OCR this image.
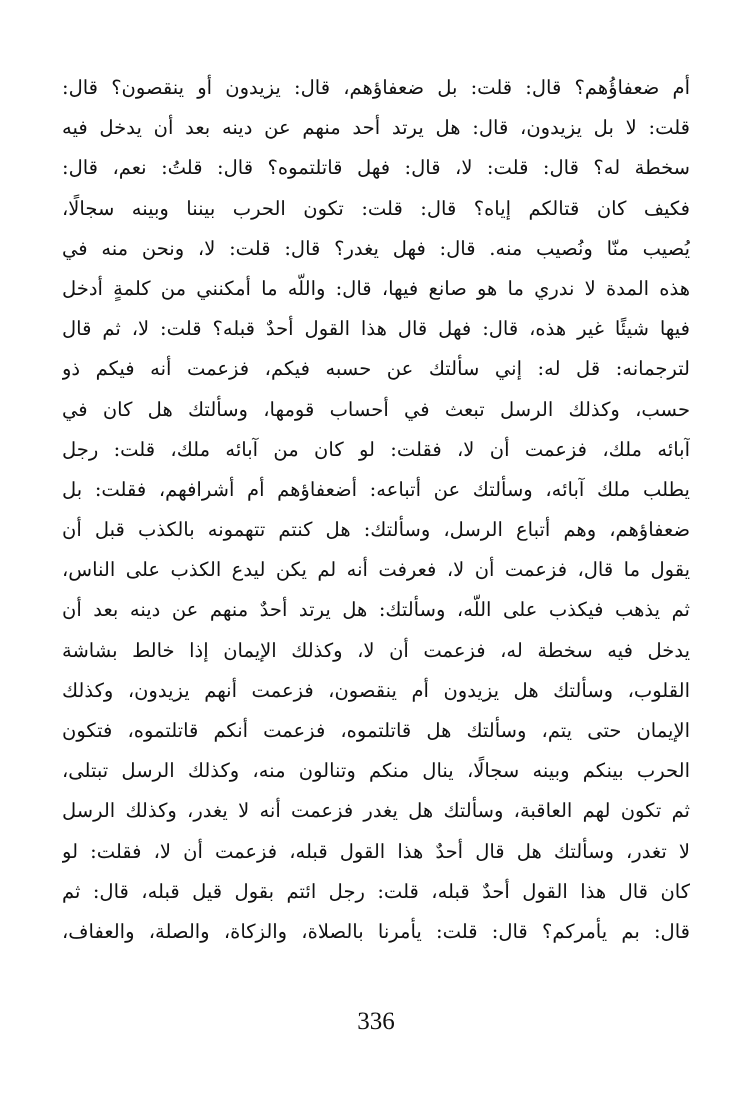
أم ضعفاؤُهم؟ قال: قلت: بل ضعفاؤهم، قال: يزيدون أو ينقصون؟ قال:
قلت: لا بل يزيدون، قال: هل يرتد أحد منهم عن دينه بعد أن يدخل فيه
سخطة له؟ قال: قلت: لا، قال: فهل قاتلتموه؟ قال: قلتُ: نعم، قال:
فكيف كان قتالكم إياه؟ قال: قلت: تكون الحرب بيننا وبينه سجالًا،
يُصيب منّا ونُصيب منه. قال: فهل يغدر؟ قال: قلت: لا، ونحن منه في
هذه المدة لا ندري ما هو صانع فيها، قال: واللّه ما أمكنني من كلمةٍ أدخل
فيها شيئًا غير هذه، قال: فهل قال هذا القول أحدٌ قبله؟ قلت: لا، ثم قال
لترجمانه: قل له: إني سألتك عن حسبه فيكم، فزعمت أنه فيكم ذو
حسب، وكذلك الرسل تبعث في أحساب قومها، وسألتك هل كان في
آبائه ملك، فزعمت أن لا، فقلت: لو كان من آبائه ملك، قلت: رجل
يطلب ملك آبائه، وسألتك عن أتباعه: أضعفاؤهم أم أشرافهم، فقلت: بل
ضعفاؤهم، وهم أتباع الرسل، وسألتك: هل كنتم تتهمونه بالكذب قبل أن
يقول ما قال، فزعمت أن لا، فعرفت أنه لم يكن ليدع الكذب على الناس،
ثم يذهب فيكذب على اللّه، وسألتك: هل يرتد أحدٌ منهم عن دينه بعد أن
يدخل فيه سخطة له، فزعمت أن لا، وكذلك الإيمان إذا خالط بشاشة
القلوب، وسألتك هل يزيدون أم ينقصون، فزعمت أنهم يزيدون، وكذلك
الإيمان حتى يتم، وسألتك هل قاتلتموه، فزعمت أنكم قاتلتموه، فتكون
الحرب بينكم وبينه سجالًا، ينال منكم وتنالون منه، وكذلك الرسل تبتلى،
ثم تكون لهم العاقبة، وسألتك هل يغدر فزعمت أنه لا يغدر، وكذلك الرسل
لا تغدر، وسألتك هل قال أحدٌ هذا القول قبله، فزعمت أن لا، فقلت: لو
كان قال هذا القول أحدٌ قبله، قلت: رجل ائتم بقول قيل قبله، قال: ثم
قال: بم يأمركم؟ قال: قلت: يأمرنا بالصلاة، والزكاة، والصلة، والعفاف،
336
